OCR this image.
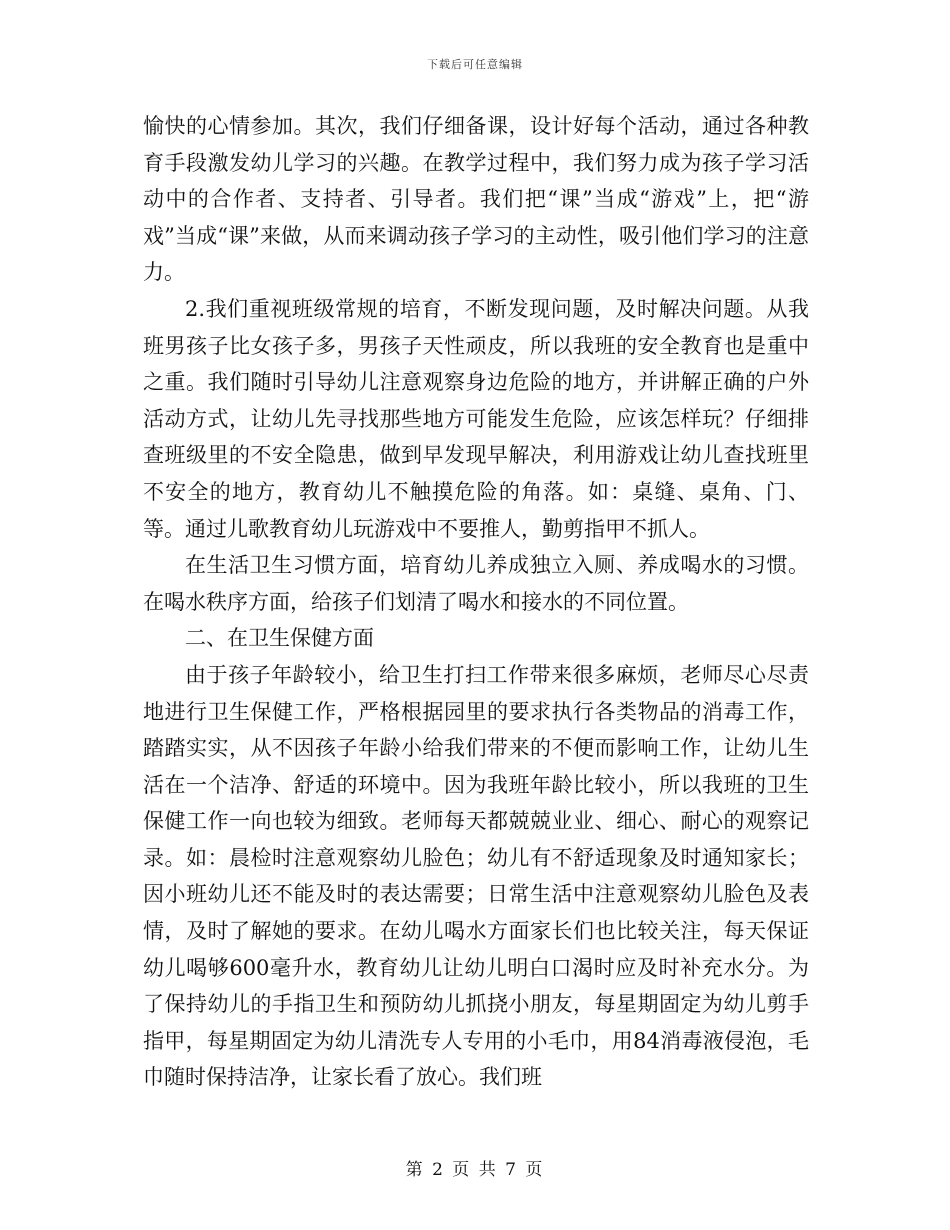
下载后可任意编辑

愉快的心情参加。其次，我们仔细备课，设计好每个活动，通过各种教育手段激发幼儿学习的兴趣。在教学过程中，我们努力成为孩子学习活动中的合作者、支持者、引导者。我们把“课”当成“游戏”上，把“游戏”当成“课”来做，从而来调动孩子学习的主动性，吸引他们学习的注意力。

2.我们重视班级常规的培育，不断发现问题，及时解决问题。从我班男孩子比女孩子多，男孩子天性顽皮，所以我班的安全教育也是重中之重。我们随时引导幼儿注意观察身边危险的地方，并讲解正确的户外活动方式，让幼儿先寻找那些地方可能发生危险，应该怎样玩？仔细排查班级里的不安全隐患，做到早发现早解决，利用游戏让幼儿查找班里不安全的地方，教育幼儿不触摸危险的角落。如：桌缝、桌角、门、等。通过儿歌教育幼儿玩游戏中不要推人，勤剪指甲不抓人。

在生活卫生习惯方面，培育幼儿养成独立入厕、养成喝水的习惯。在喝水秩序方面，给孩子们划清了喝水和接水的不同位置。

二、在卫生保健方面

由于孩子年龄较小，给卫生打扫工作带来很多麻烦，老师尽心尽责地进行卫生保健工作，严格根据园里的要求执行各类物品的消毒工作，踏踏实实，从不因孩子年龄小给我们带来的不便而影响工作，让幼儿生活在一个洁净、舒适的环境中。因为我班年龄比较小，所以我班的卫生保健工作一向也较为细致。老师每天都兢兢业业、细心、耐心的观察记录。如：晨检时注意观察幼儿脸色；幼儿有不舒适现象及时通知家长；因小班幼儿还不能及时的表达需要；日常生活中注意观察幼儿脸色及表情，及时了解她的要求。在幼儿喝水方面家长们也比较关注，每天保证幼儿喝够600毫升水，教育幼儿让幼儿明白口渴时应及时补充水分。为了保持幼儿的手指卫生和预防幼儿抓挠小朋友，每星期固定为幼儿剪手指甲，每星期固定为幼儿清洗专人专用的小毛巾，用84消毒液侵泡，毛巾随时保持洁净，让家长看了放心。我们班

第 2 页 共 7 页
